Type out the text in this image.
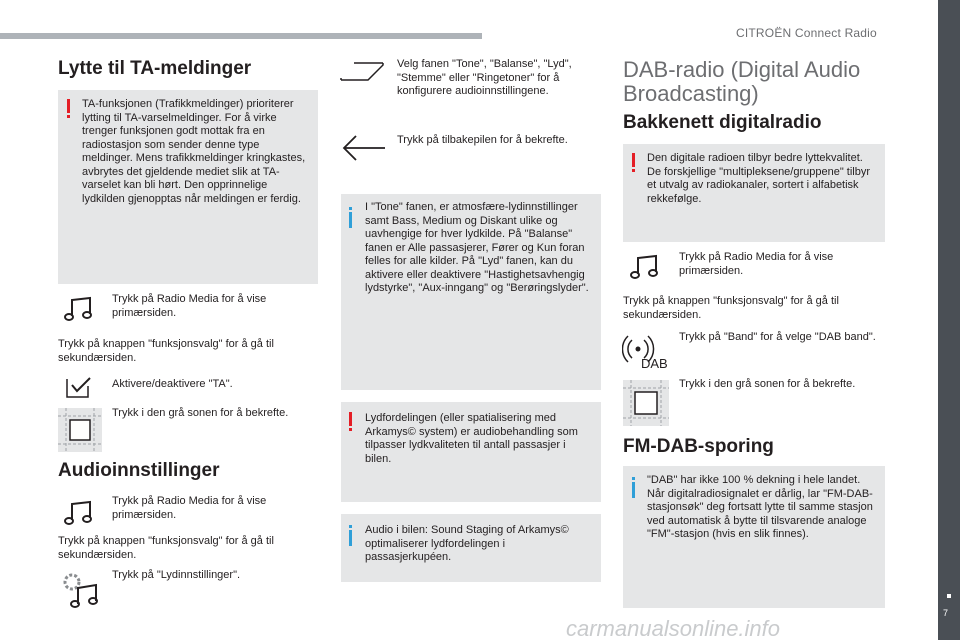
CITROËN Connect Radio
7
Lytte til TA-meldinger
TA-funksjonen (Trafikkmeldinger) prioriterer lytting til TA-varselmeldinger. For å virke trenger funksjonen godt mottak fra en radiostasjon som sender denne type meldinger. Mens trafikkmeldinger kringkastes, avbrytes det gjeldende mediet slik at TA-varselet kan bli hørt. Den opprinnelige lydkilden gjenopptas når meldingen er ferdig.
Trykk på Radio Media for å vise primærsiden.
Trykk på knappen "funksjonsvalg" for å gå til sekundærsiden.
Aktivere/deaktivere "TA".
Trykk i den grå sonen for å bekrefte.
Audioinnstillinger
Trykk på Radio Media for å vise primærsiden.
Trykk på knappen "funksjonsvalg" for å gå til sekundærsiden.
Trykk på "Lydinnstillinger".
Velg fanen "Tone", "Balanse", "Lyd", "Stemme" eller "Ringetoner" for å konfigurere audioinnstillingene.
Trykk på tilbakepilen for å bekrefte.
I "Tone" fanen, er atmosfære-lydinnstillinger samt Bass, Medium og Diskant ulike og uavhengige for hver lydkilde. På "Balanse" fanen er Alle passasjerer, Fører og Kun foran felles for alle kilder. På "Lyd" fanen, kan du aktivere eller deaktivere "Hastighetsavhengig lydstyrke", "Aux-inngang" og "Berøringslyder".
Lydfordelingen (eller spatialisering med Arkamys© system) er audiobehandling som tilpasser lydkvaliteten til antall passasjer i bilen.
Audio i bilen: Sound Staging of Arkamys© optimaliserer lydfordelingen i passasjerkupéen.
DAB-radio (Digital Audio Broadcasting)
Bakkenett digitalradio
Den digitale radioen tilbyr bedre lyttekvalitet. De forskjellige "multipleksene/gruppene" tilbyr et utvalg av radiokanaler, sortert i alfabetisk rekkefølge.
Trykk på Radio Media for å vise primærsiden.
Trykk på knappen "funksjonsvalg" for å gå til sekundærsiden.
DAB
Trykk på "Band" for å velge "DAB band".
Trykk i den grå sonen for å bekrefte.
FM-DAB-sporing
"DAB" har ikke 100 % dekning i hele landet. Når digitalradiosignalet er dårlig, lar "FM-DAB-stasjonsøk" deg fortsatt lytte til samme stasjon ved automatisk å bytte til tilsvarende analoge "FM"-stasjon (hvis en slik finnes).
carmanualsonline.info
